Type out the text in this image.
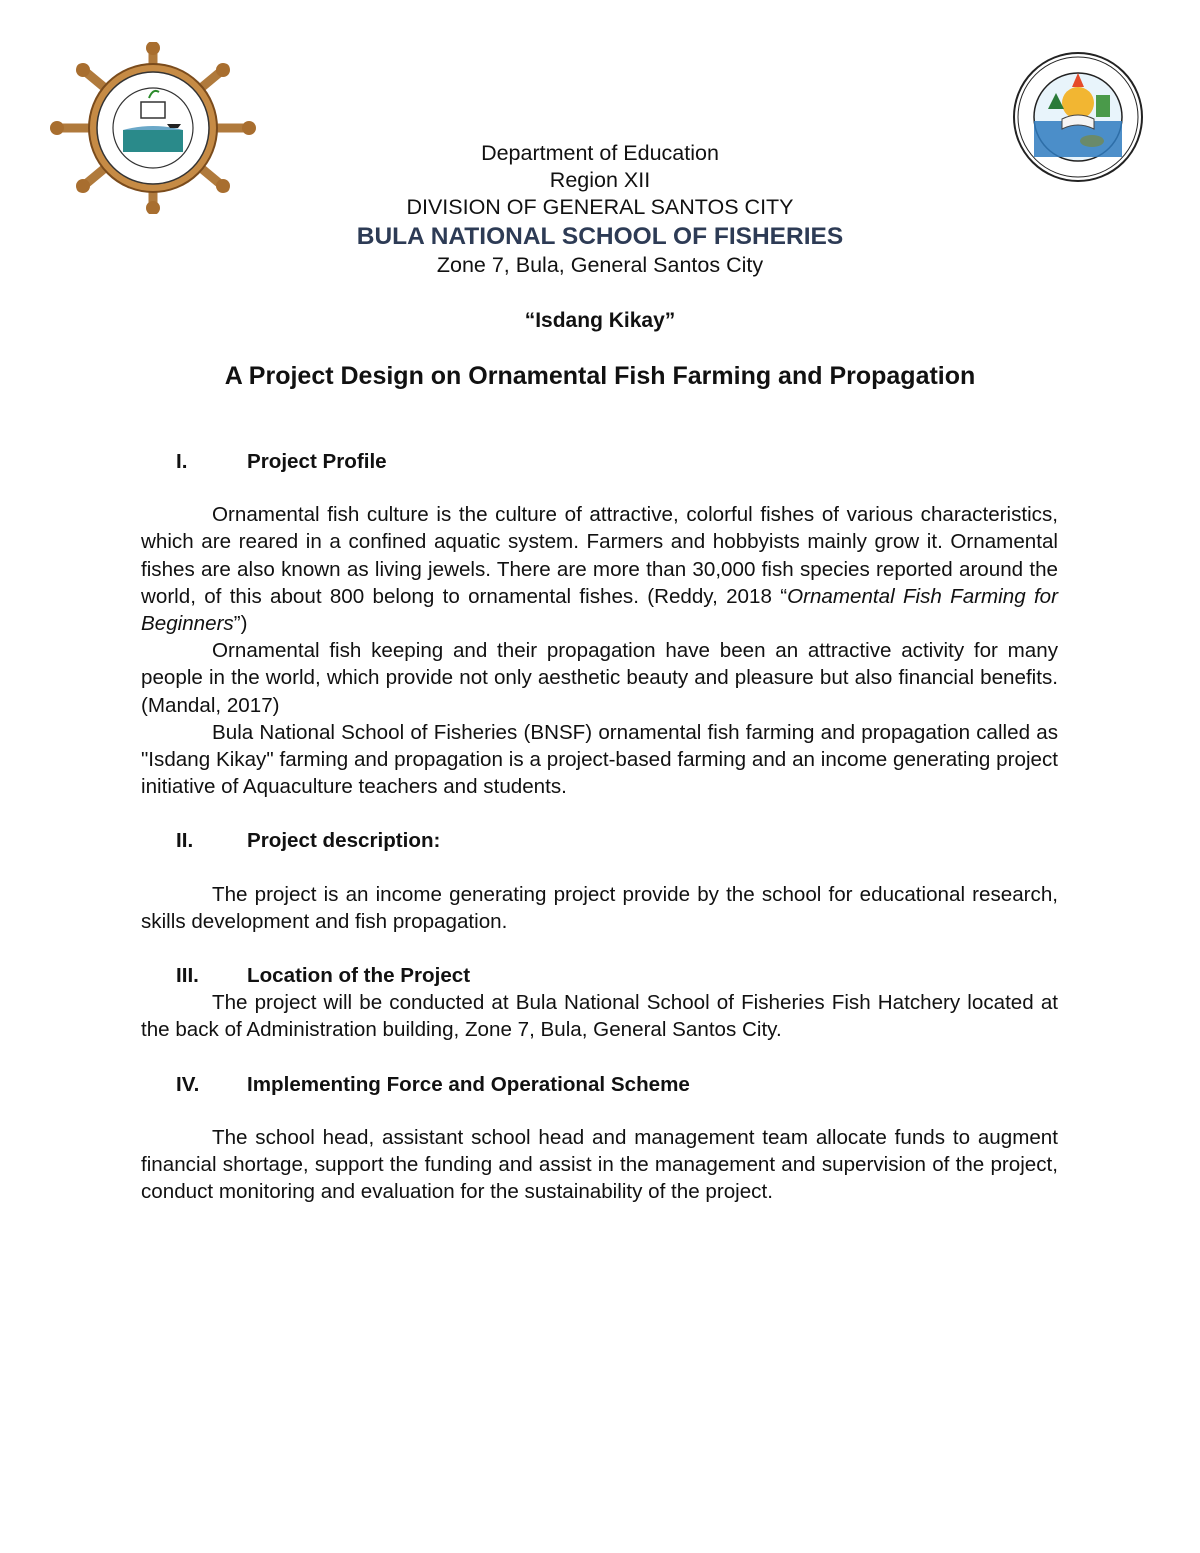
Department of Education
Region XII
DIVISION OF GENERAL SANTOS CITY
BULA NATIONAL SCHOOL OF FISHERIES
Zone 7, Bula, General Santos City
“Isdang Kikay”
A Project Design on Ornamental Fish Farming and Propagation
I.	Project Profile

Ornamental fish culture is the culture of attractive, colorful fishes of various characteristics, which are reared in a confined aquatic system. Farmers and hobbyists mainly grow it. Ornamental fishes are also known as living jewels. There are more than 30,000 fish species reported around the world, of this about 800 belong to ornamental fishes. (Reddy, 2018 “Ornamental Fish Farming for Beginners”)

Ornamental fish keeping and their propagation have been an attractive activity for many people in the world, which provide not only aesthetic beauty and pleasure but also financial benefits. (Mandal, 2017)

Bula National School of Fisheries (BNSF) ornamental fish farming and propagation called as "Isdang Kikay" farming and propagation is a project-based farming and an income generating project initiative of Aquaculture teachers and students.

II.	Project description:

The project is an income generating project provide by the school for educational research, skills development and fish propagation.

III.	Location of the Project

The project will be conducted at Bula National School of Fisheries Fish Hatchery located at the back of Administration building, Zone 7, Bula, General Santos City.

IV.	Implementing Force and Operational Scheme

The school head, assistant school head and management team allocate funds to augment financial shortage, support the funding and assist in the management and supervision of the project, conduct monitoring and evaluation for the sustainability of the project.
